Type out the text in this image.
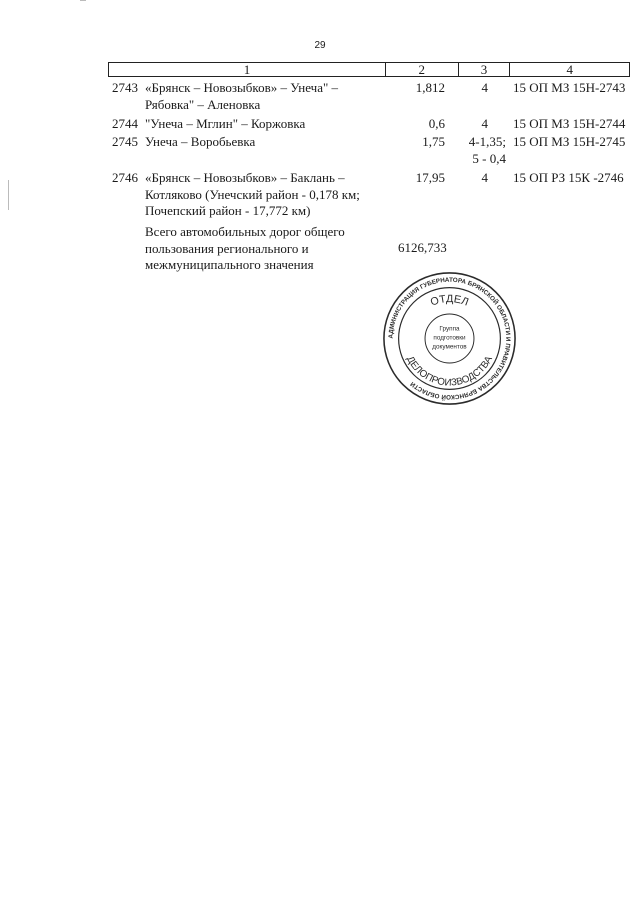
29
1	2	3	4
2743 «Брянск – Новозыбков» – Унеча" –
Рябовка" – Аленовка
1,812	4 15 ОП МЗ 15Н-2743
2744 "Унеча – Мглин" – Коржовка	0,6	4 15 ОП МЗ 15Н-2744
2745 Унеча – Воробьевка	1,75	4-1,35;
5 - 0,4
15 ОП МЗ 15Н-2745
2746 «Брянск – Новозыбков» – Баклань –
Котляково (Унечский район - 0,178 км;
Почепский район - 17,772 км)
17,95	4 15 ОП РЗ 15К -2746
Всего автомобильных дорог общего
пользования регионального и
межмуниципального значения
6126,733
АДМИНИСТРАЦИЯ ГУБЕРНАТОРА БРЯНСКОЙ ОБЛАСТИ И ПРАВИТЕЛЬСТВА БРЯНСКОЙ ОБЛАСТИ
ОТДЕЛ
ДЕЛОПРОИЗВОДСТВА
Группа
подготовки
документов
